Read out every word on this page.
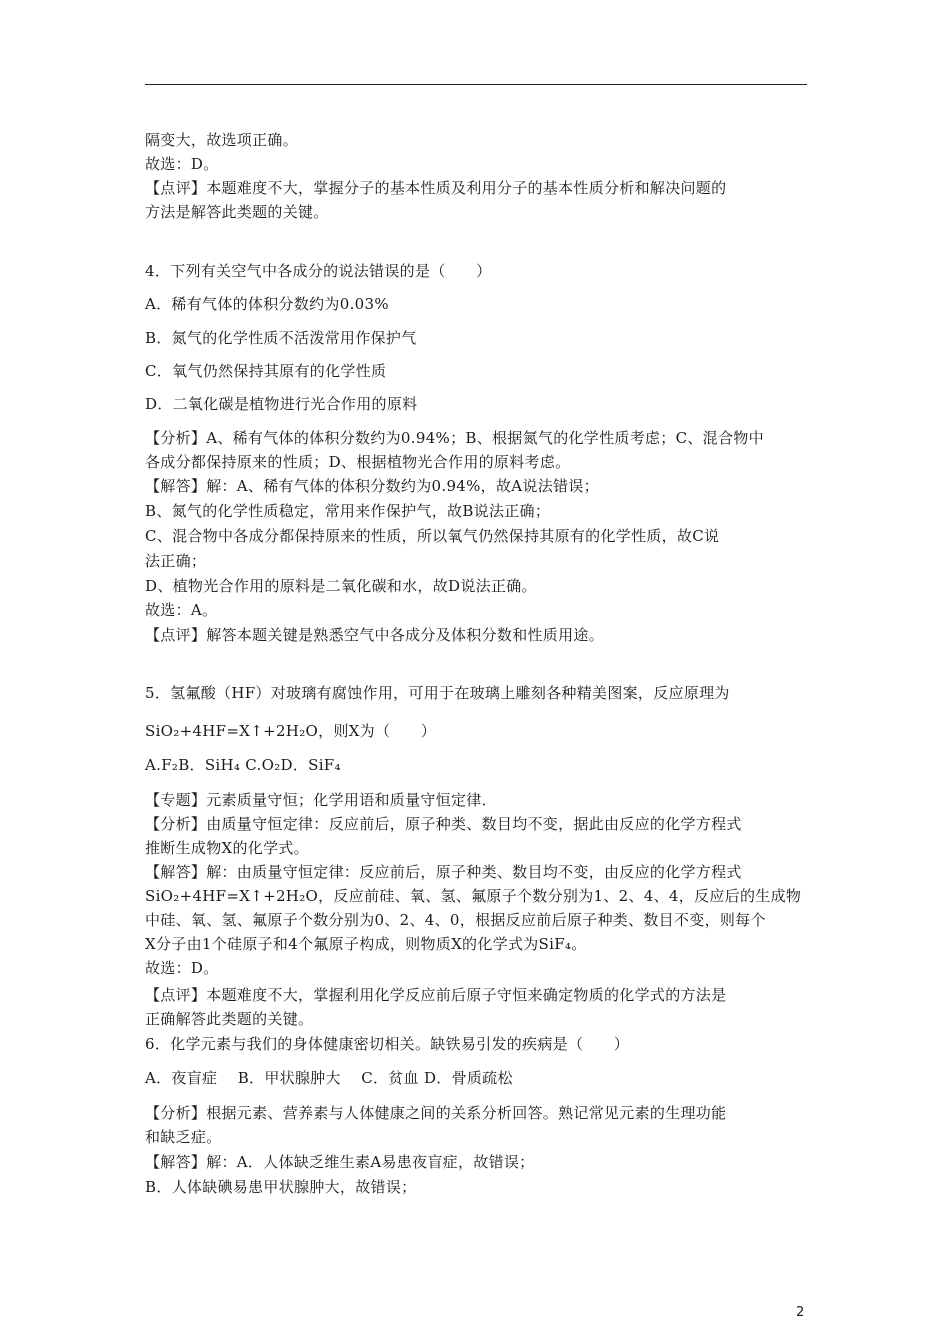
隔变大，故选项正确。
故选：D。
【点评】本题难度不大，掌握分子的基本性质及利用分子的基本性质分析和解决问题的
方法是解答此类题的关键。
4．下列有关空气中各成分的说法错误的是（　　）
A．稀有气体的体积分数约为0.03%
B．氮气的化学性质不活泼常用作保护气
C．氧气仍然保持其原有的化学性质
D．二氧化碳是植物进行光合作用的原料
【分析】A、稀有气体的体积分数约为0.94%；B、根据氮气的化学性质考虑；C、混合物中
各成分都保持原来的性质；D、根据植物光合作用的原料考虑。
【解答】解：A、稀有气体的体积分数约为0.94%，故A说法错误；
B、氮气的化学性质稳定，常用来作保护气，故B说法正确；
C、混合物中各成分都保持原来的性质，所以氧气仍然保持其原有的化学性质，故C说
法正确；
D、植物光合作用的原料是二氧化碳和水，故D说法正确。
故选：A。
【点评】解答本题关键是熟悉空气中各成分及体积分数和性质用途。
5．氢氟酸（HF）对玻璃有腐蚀作用，可用于在玻璃上雕刻各种精美图案，反应原理为
SiO₂+4HF=X↑+2H₂O，则X为（　　）
A.F₂B．SiH₄ C.O₂D．SiF₄
【专题】元素质量守恒；化学用语和质量守恒定律．
【分析】由质量守恒定律：反应前后，原子种类、数目均不变，据此由反应的化学方程式
推断生成物X的化学式。
【解答】解：由质量守恒定律：反应前后，原子种类、数目均不变，由反应的化学方程式
SiO₂+4HF=X↑+2H₂O，反应前硅、氧、氢、氟原子个数分别为1、2、4、4，反应后的生成物
中硅、氧、氢、氟原子个数分别为0、2、4、0，根据反应前后原子种类、数目不变，则每个
X分子由1个硅原子和4个氟原子构成，则物质X的化学式为SiF₄。
故选：D。
【点评】本题难度不大，掌握利用化学反应前后原子守恒来确定物质的化学式的方法是
正确解答此类题的关键。
6．化学元素与我们的身体健康密切相关。缺铁易引发的疾病是（　　）
A．夜盲症　 B．甲状腺肿大　 C．贫血 D．骨质疏松
【分析】根据元素、营养素与人体健康之间的关系分析回答。熟记常见元素的生理功能
和缺乏症。
【解答】解：A．人体缺乏维生素A易患夜盲症，故错误；
B．人体缺碘易患甲状腺肿大，故错误；
2
